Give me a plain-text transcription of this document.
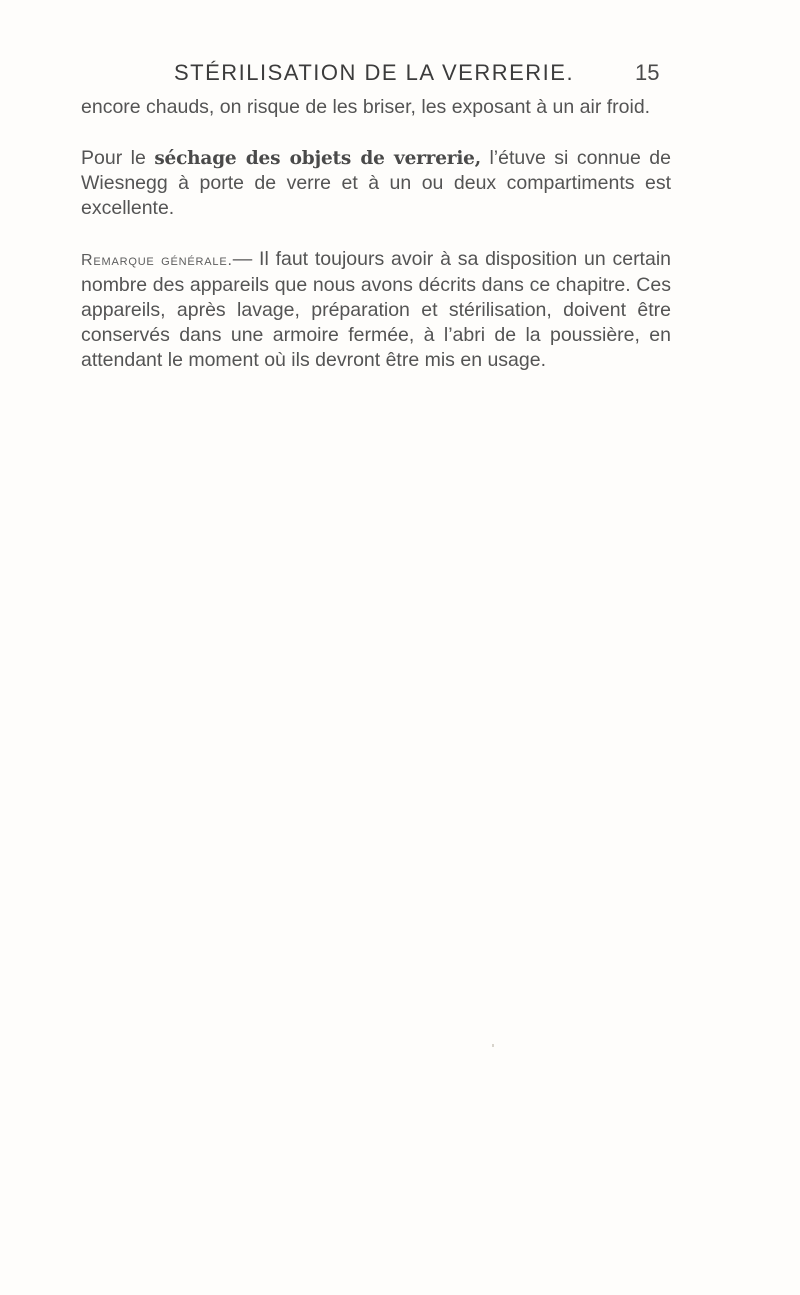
STÉRILISATION DE LA VERRERIE.	15

encore chauds, on risque de les briser, les exposant à un air froid.

Pour le séchage des objets de verrerie, l’étuve si connue de Wiesnegg à porte de verre et à un ou deux compartiments est excellente.

Remarque générale.— Il faut toujours avoir à sa disposition un certain nombre des appareils que nous avons décrits dans ce chapitre. Ces appareils, après lavage, préparation et stérilisation, doivent être conservés dans une armoire fermée, à l’abri de la poussière, en attendant le moment où ils devront être mis en usage.
